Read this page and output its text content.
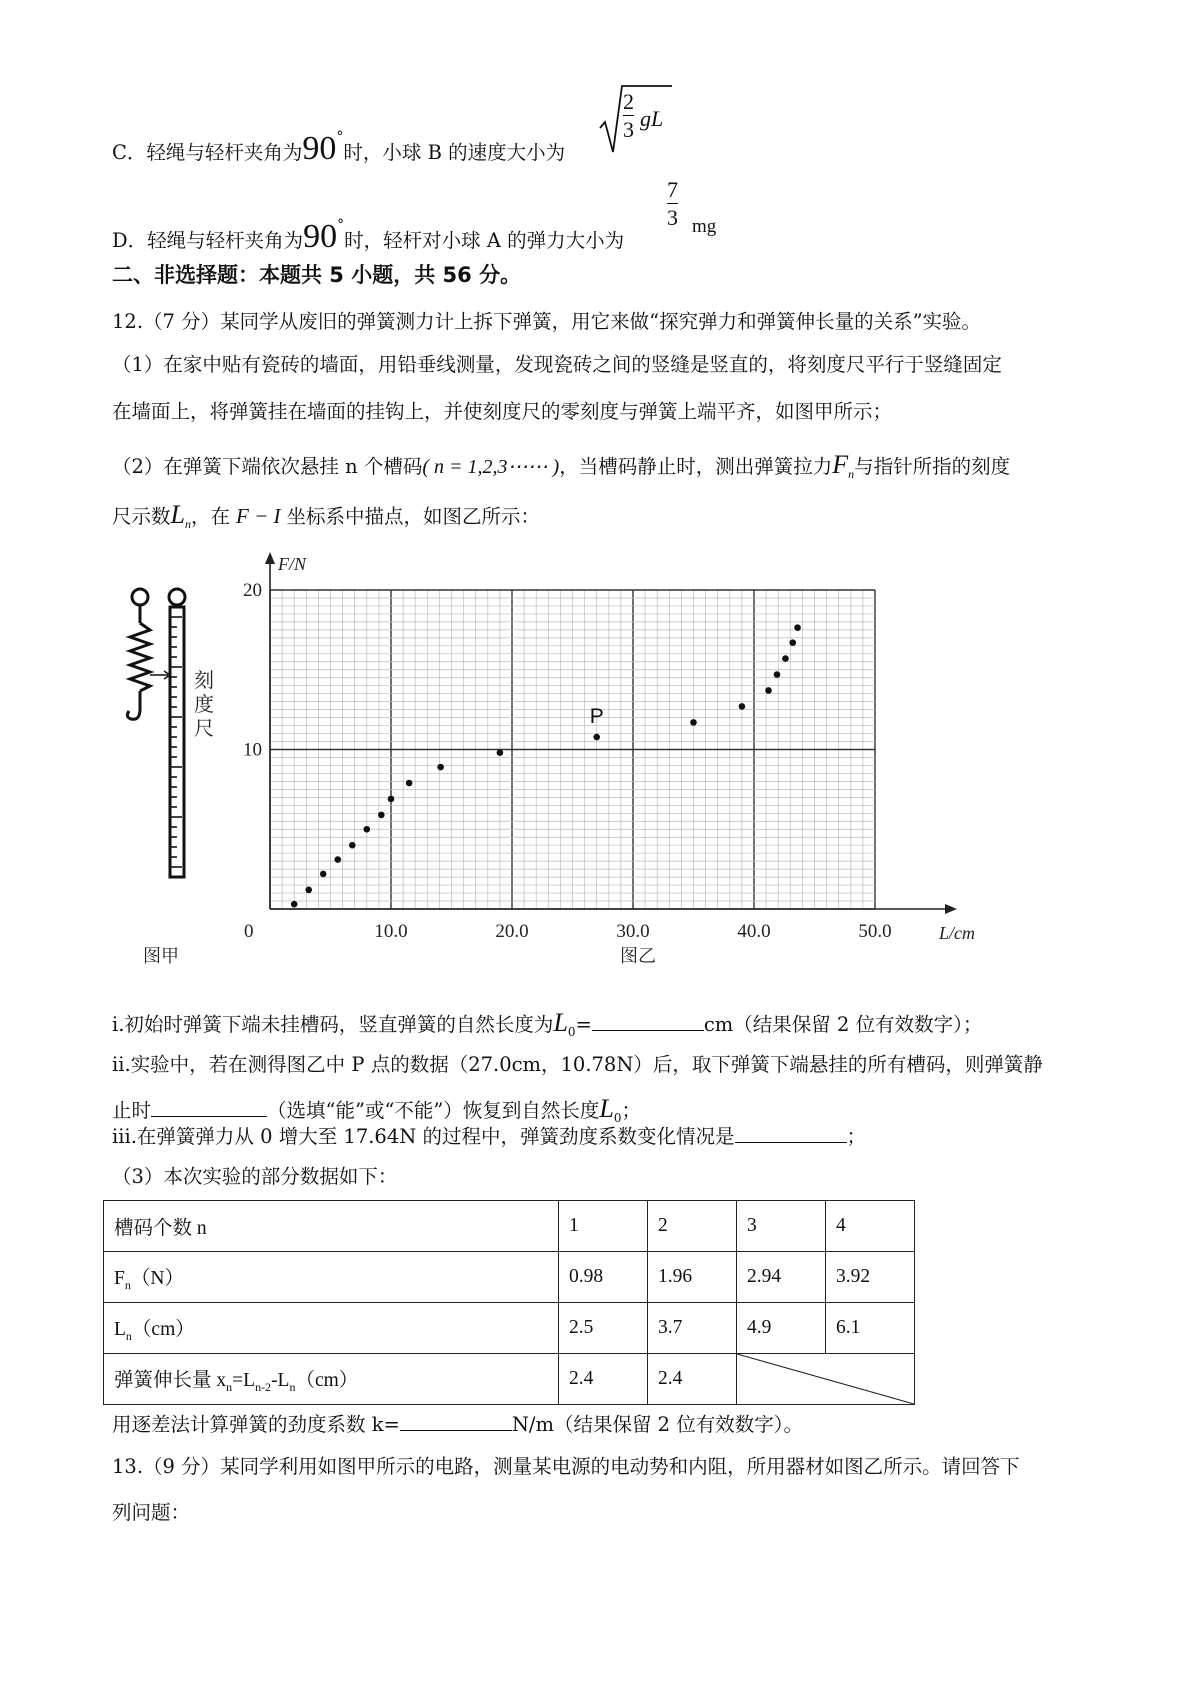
C．轻绳与轻杆夹角为90°时，小球 B 的速度大小为
2
3 gL
D．轻绳与轻杆夹角为90°时，轻杆对小球 A 的弹力大小为
7
3 mg
二、非选择题：本题共 5 小题，共 56 分。
12.（7 分）某同学从废旧的弹簧测力计上拆下弹簧，用它来做“探究弹力和弹簧伸长量的关系”实验。
（1）在家中贴有瓷砖的墙面，用铅垂线测量，发现瓷砖之间的竖缝是竖直的，将刻度尺平行于竖缝固定
在墙面上，将弹簧挂在墙面的挂钩上，并使刻度尺的零刻度与弹簧上端平齐，如图甲所示；
（2）在弹簧下端依次悬挂 n 个槽码( n = 1,2,3⋯⋯ )，当槽码静止时，测出弹簧拉力$F_n$与指针所指的刻度
尺示数$L_n$，在 F − I 坐标系中描点，如图乙所示：
刻
度
尺
图甲
0	10.0	20.0	30.0	40.0	50.0
10
20
L/cm
F/N
P
图乙
i.初始时弹簧下端未挂槽码，竖直弹簧的自然长度为$L_0=$	cm（结果保留 2 位有效数字）；
ii.实验中，若在测得图乙中 P 点的数据（27.0cm，10.78N）后，取下弹簧下端悬挂的所有槽码，则弹簧静
止时	（选填“能”或“不能”）恢复到自然长度$L_0$；
iii.在弹簧弹力从 0 增大至 17.64N 的过程中，弹簧劲度系数变化情况是	；
（3）本次实验的部分数据如下：
槽码个数 n	1	2	3	4
$F_n(N)$	0.98	1.96	2.94	3.92
$L_n(cm)$	2.5	3.7	4.9	6.1
弹簧伸长量 $x_n=L_{n-2}-L_n(cm)$	2.4	2.4	
用逐差法计算弹簧的劲度系数 k=	N/m（结果保留 2 位有效数字）。
13.（9 分）某同学利用如图甲所示的电路，测量某电源的电动势和内阻，所用器材如图乙所示。请回答下
列问题：
